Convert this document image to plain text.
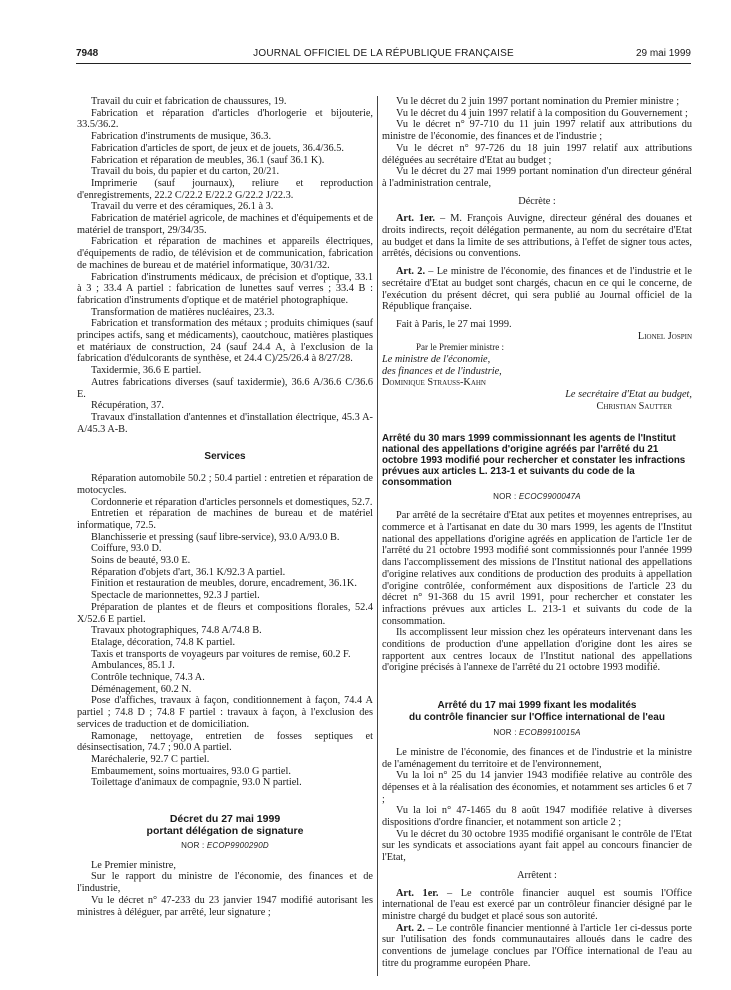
7948	JOURNAL OFFICIEL DE LA RÉPUBLIQUE FRANÇAISE	29 mai 1999

Travail du cuir et fabrication de chaussures, 19.

Fabrication et réparation d'articles d'horlogerie et bijouterie, 33.5/36.2.

Fabrication d'instruments de musique, 36.3.

Fabrication d'articles de sport, de jeux et de jouets, 36.4/36.5.

Fabrication et réparation de meubles, 36.1 (sauf 36.1 K).

Travail du bois, du papier et du carton, 20/21.

Imprimerie (sauf journaux), reliure et reproduction d'enregistrements, 22.2 C/22.2 E/22.2 G/22.2 J/22.3.

Travail du verre et des céramiques, 26.1 à 3.

Fabrication de matériel agricole, de machines et d'équipements et de matériel de transport, 29/34/35.

Fabrication et réparation de machines et appareils électriques, d'équipements de radio, de télévision et de communication, fabrication de machines de bureau et de matériel informatique, 30/31/32.

Fabrication d'instruments médicaux, de précision et d'optique, 33.1 à 3 ; 33.4 A partiel : fabrication de lunettes sauf verres ; 33.4 B : fabrication d'instruments d'optique et de matériel photographique.

Transformation de matières nucléaires, 23.3.

Fabrication et transformation des métaux ; produits chimiques (sauf principes actifs, sang et médicaments), caoutchouc, matières plastiques et matériaux de construction, 24 (sauf 24.4 A, à l'exclusion de la fabrication d'édulcorants de synthèse, et 24.4 C)/25/26.4 à 8/27/28.

Taxidermie, 36.6 E partiel.

Autres fabrications diverses (sauf taxidermie), 36.6 A/36.6 C/36.6 E.

Récupération, 37.

Travaux d'installation d'antennes et d'installation électrique, 45.3 A-A/45.3 A-B.

Services

Réparation automobile 50.2 ; 50.4 partiel : entretien et réparation de motocycles.

Cordonnerie et réparation d'articles personnels et domestiques, 52.7.

Entretien et réparation de machines de bureau et de matériel informatique, 72.5.

Blanchisserie et pressing (sauf libre-service), 93.0 A/93.0 B.

Coiffure, 93.0 D.

Soins de beauté, 93.0 E.

Réparation d'objets d'art, 36.1 K/92.3 A partiel.

Finition et restauration de meubles, dorure, encadrement, 36.1K.

Spectacle de marionnettes, 92.3 J partiel.

Préparation de plantes et de fleurs et compositions florales, 52.4 X/52.6 E partiel.

Travaux photographiques, 74.8 A/74.8 B.

Etalage, décoration, 74.8 K partiel.

Taxis et transports de voyageurs par voitures de remise, 60.2 F.

Ambulances, 85.1 J.

Contrôle technique, 74.3 A.

Déménagement, 60.2 N.

Pose d'affiches, travaux à façon, conditionnement à façon, 74.4 A partiel ; 74.8 D ; 74.8 F partiel : travaux à façon, à l'exclusion des services de traduction et de domiciliation.

Ramonage, nettoyage, entretien de fosses septiques et désinsectisation, 74.7 ; 90.0 A partiel.

Maréchalerie, 92.7 C partiel.

Embaumement, soins mortuaires, 93.0 G partiel.

Toilettage d'animaux de compagnie, 93.0 N partiel.

Décret du 27 mai 1999
portant délégation de signature
NOR : ECOP9900290D

Le Premier ministre,

Sur le rapport du ministre de l'économie, des finances et de l'industrie,

Vu le décret n° 47-233 du 23 janvier 1947 modifié autorisant les ministres à déléguer, par arrêté, leur signature ;

Vu le décret du 2 juin 1997 portant nomination du Premier ministre ;

Vu le décret du 4 juin 1997 relatif à la composition du Gouvernement ;

Vu le décret n° 97-710 du 11 juin 1997 relatif aux attributions du ministre de l'économie, des finances et de l'industrie ;

Vu le décret n° 97-726 du 18 juin 1997 relatif aux attributions déléguées au secrétaire d'Etat au budget ;

Vu le décret du 27 mai 1999 portant nomination d'un directeur général à l'administration centrale,

Décrète :

Art. 1er. – M. François Auvigne, directeur général des douanes et droits indirects, reçoit délégation permanente, au nom du secrétaire d'Etat au budget et dans la limite de ses attributions, à l'effet de signer tous actes, arrêtés, décisions ou conventions.

Art. 2. – Le ministre de l'économie, des finances et de l'industrie et le secrétaire d'Etat au budget sont chargés, chacun en ce qui le concerne, de l'exécution du présent décret, qui sera publié au Journal officiel de la République française.

Fait à Paris, le 27 mai 1999.

Lionel Jospin

Par le Premier ministre :

Le ministre de l'économie,

des finances et de l'industrie,

Dominique Strauss-Kahn

Le secrétaire d'Etat au budget,

Christian Sautter

Arrêté du 30 mars 1999 commissionnant les agents de l'Institut national des appellations d'origine agréés par l'arrêté du 21 octobre 1993 modifié pour rechercher et constater les infractions prévues aux articles L. 213-1 et suivants du code de la consommation

NOR : ECOC9900047A

Par arrêté de la secrétaire d'Etat aux petites et moyennes entreprises, au commerce et à l'artisanat en date du 30 mars 1999, les agents de l'Institut national des appellations d'origine agréés en application de l'article 1er de l'arrêté du 21 octobre 1993 modifié sont commissionnés pour l'année 1999 dans l'accomplissement des missions de l'Institut national des appellations d'origine relatives aux conditions de production des produits à appellation d'origine contrôlée, conformément aux dispositions de l'article 23 du décret n° 91-368 du 15 avril 1991, pour rechercher et constater les infractions prévues aux articles L. 213-1 et suivants du code de la consommation.

Ils accomplissent leur mission chez les opérateurs intervenant dans les conditions de production d'une appellation d'origine dont les aires se rapportent aux centres locaux de l'Institut national des appellations d'origine précisés à l'annexe de l'arrêté du 21 octobre 1993 modifié.

Arrêté du 17 mai 1999 fixant les modalités
du contrôle financier sur l'Office international de l'eau
NOR : ECOB9910015A

Le ministre de l'économie, des finances et de l'industrie et la ministre de l'aménagement du territoire et de l'environnement,

Vu la loi n° 25 du 14 janvier 1943 modifiée relative au contrôle des dépenses et à la réalisation des économies, et notamment ses articles 6 et 7 ;

Vu la loi n° 47-1465 du 8 août 1947 modifiée relative à diverses dispositions d'ordre financier, et notamment son article 2 ;

Vu le décret du 30 octobre 1935 modifié organisant le contrôle de l'Etat sur les syndicats et associations ayant fait appel au concours financier de l'Etat,

Arrêtent :

Art. 1er. – Le contrôle financier auquel est soumis l'Office international de l'eau est exercé par un contrôleur financier désigné par le ministre chargé du budget et placé sous son autorité.

Art. 2. – Le contrôle financier mentionné à l'article 1er ci-dessus porte sur l'utilisation des fonds communautaires alloués dans le cadre des conventions de jumelage conclues par l'Office international de l'eau au titre du programme européen Phare.
